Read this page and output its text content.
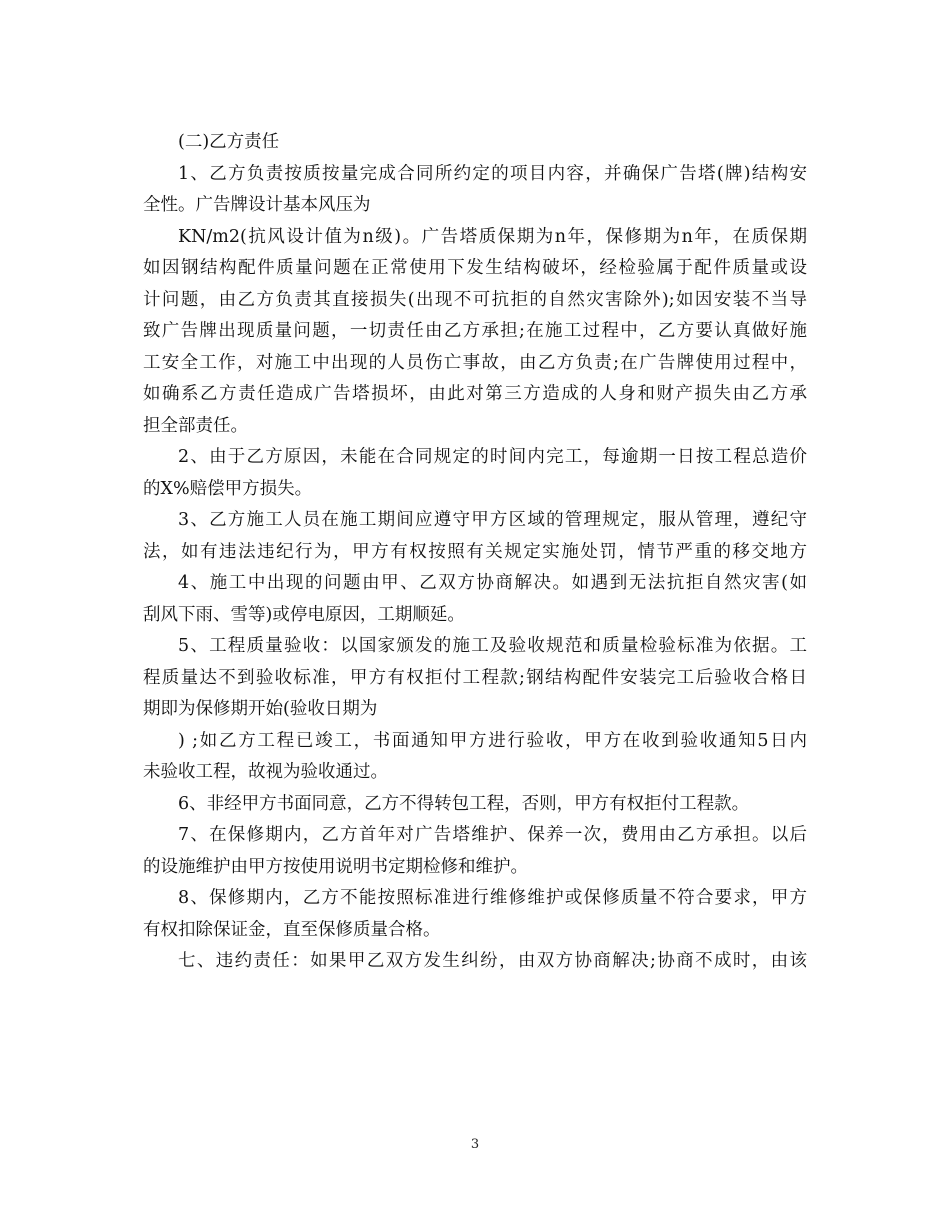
(二)乙方责任
1、乙方负责按质按量完成合同所约定的项目内容，并确保广告塔(牌)结构安
全性。广告牌设计基本风压为
KN/m2(抗风设计值为n级)。广告塔质保期为n年，保修期为n年，在质保期
如因钢结构配件质量问题在正常使用下发生结构破坏，经检验属于配件质量或设
计问题，由乙方负责其直接损失(出现不可抗拒的自然灾害除外);如因安装不当导
致广告牌出现质量问题，一切责任由乙方承担;在施工过程中，乙方要认真做好施
工安全工作，对施工中出现的人员伤亡事故，由乙方负责;在广告牌使用过程中，
如确系乙方责任造成广告塔损坏，由此对第三方造成的人身和财产损失由乙方承
担全部责任。
2、由于乙方原因，未能在合同规定的时间内完工，每逾期一日按工程总造价
的X%赔偿甲方损失。
3、乙方施工人员在施工期间应遵守甲方区域的管理规定，服从管理，遵纪守
法，如有违法违纪行为，甲方有权按照有关规定实施处罚，情节严重的移交地方
4、施工中出现的问题由甲、乙双方协商解决。如遇到无法抗拒自然灾害(如
刮风下雨、雪等)或停电原因，工期顺延。
5、工程质量验收：以国家颁发的施工及验收规范和质量检验标准为依据。工
程质量达不到验收标准，甲方有权拒付工程款;钢结构配件安装完工后验收合格日
期即为保修期开始(验收日期为
) ;如乙方工程已竣工，书面通知甲方进行验收，甲方在收到验收通知5日内
未验收工程，故视为验收通过。
6、非经甲方书面同意，乙方不得转包工程，否则，甲方有权拒付工程款。
7、在保修期内，乙方首年对广告塔维护、保养一次，费用由乙方承担。以后
的设施维护由甲方按使用说明书定期检修和维护。
8、保修期内，乙方不能按照标准进行维修维护或保修质量不符合要求，甲方
有权扣除保证金，直至保修质量合格。
七、违约责任：如果甲乙双方发生纠纷，由双方协商解决;协商不成时，由该
3
